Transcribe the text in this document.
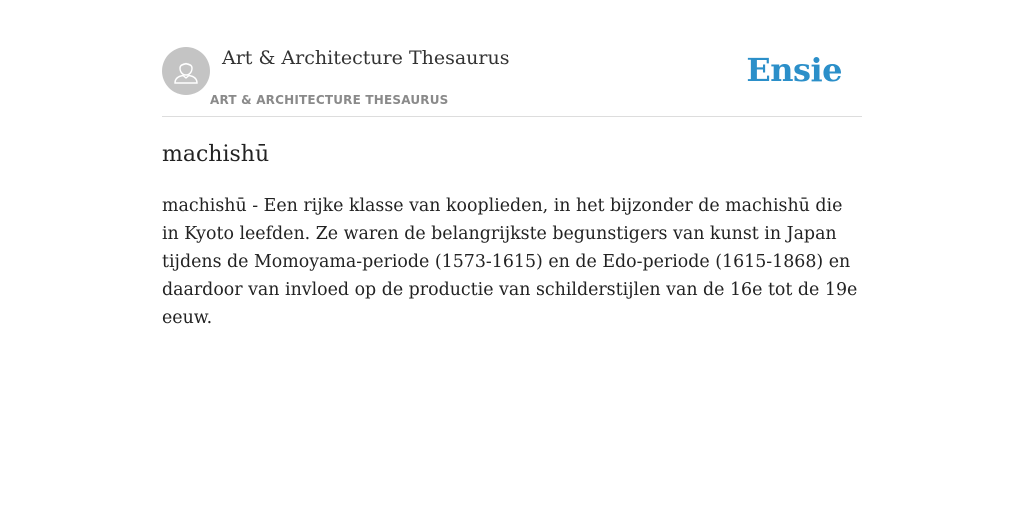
Art & Architecture Thesaurus
ART & ARCHITECTURE THESAURUS
Ensie
machishū

machishū - Een rijke klasse van kooplieden, in het bijzonder de machishū die in Kyoto leefden. Ze waren de belangrijkste begunstigers van kunst in Japan tijdens de Momoyama-periode (1573-1615) en de Edo-periode (1615-1868) en daardoor van invloed op de productie van schilderstijlen van de 16e tot de 19e eeuw.
